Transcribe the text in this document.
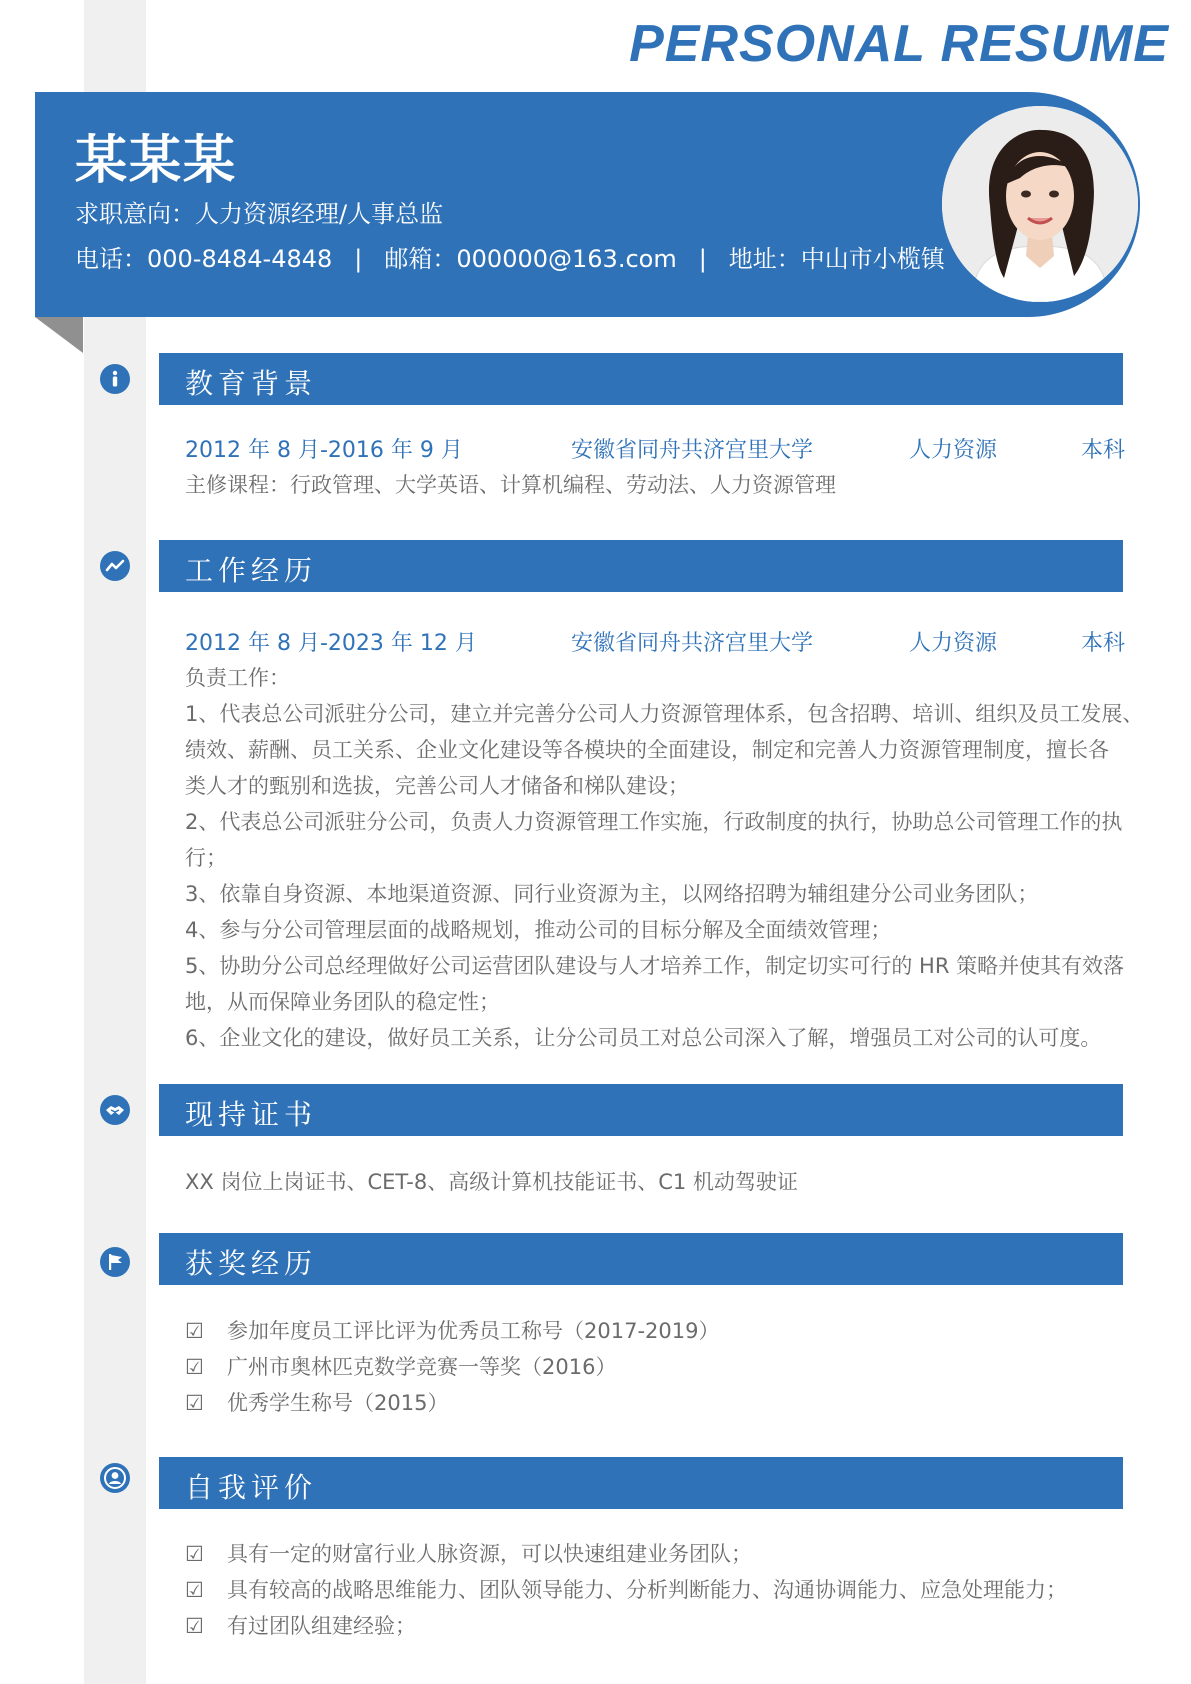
PERSONAL RESUME
某某某
求职意向：人力资源经理/人事总监
电话：000-8484-4848 | 邮箱：000000@163.com | 地址：中山市小榄镇
教育背景
2012 年 8 月-2016 年 9 月	安徽省同舟共济宫里大学	人力资源	本科
主修课程：行政管理、大学英语、计算机编程、劳动法、人力资源管理
工作经历
2012 年 8 月-2023 年 12 月	安徽省同舟共济宫里大学	人力资源	本科
负责工作：
1、代表总公司派驻分公司，建立并完善分公司人力资源管理体系，包含招聘、培训、组织及员工发展、
绩效、薪酬、员工关系、企业文化建设等各模块的全面建设，制定和完善人力资源管理制度，擅长各
类人才的甄别和选拔，完善公司人才储备和梯队建设；
2、代表总公司派驻分公司，负责人力资源管理工作实施，行政制度的执行，协助总公司管理工作的执
行；
3、依靠自身资源、本地渠道资源、同行业资源为主，以网络招聘为辅组建分公司业务团队；
4、参与分公司管理层面的战略规划，推动公司的目标分解及全面绩效管理；
5、协助分公司总经理做好公司运营团队建设与人才培养工作，制定切实可行的 HR 策略并使其有效落
地，从而保障业务团队的稳定性；
6、企业文化的建设，做好员工关系，让分公司员工对总公司深入了解，增强员工对公司的认可度。
现持证书
XX 岗位上岗证书、CET-8、高级计算机技能证书、C1 机动驾驶证
获奖经历
☑ 参加年度员工评比评为优秀员工称号（2017-2019）
☑ 广州市奥林匹克数学竞赛一等奖（2016）
☑ 优秀学生称号（2015）
自我评价
☑ 具有一定的财富行业人脉资源，可以快速组建业务团队；
☑ 具有较高的战略思维能力、团队领导能力、分析判断能力、沟通协调能力、应急处理能力；
☑ 有过团队组建经验；
